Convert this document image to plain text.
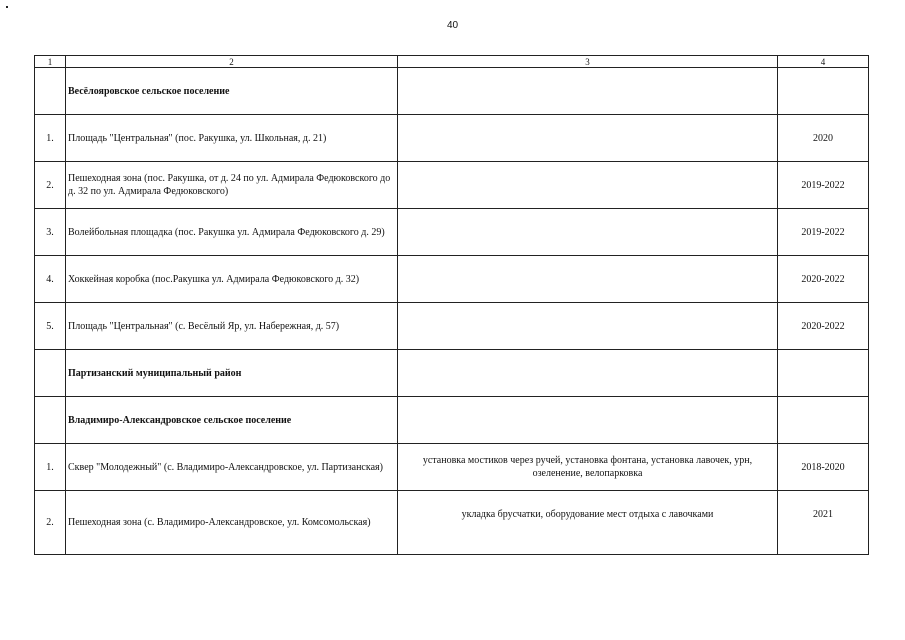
40
1	2	3	4
	Весёлояровское сельское поселение		
1.	Площадь "Центральная" (пос. Ракушка, ул. Школьная, д. 21)		2020
2.	Пешеходная зона (пос. Ракушка, от д. 24 по ул. Адмирала Федюковского до д. 32 по ул. Адмирала Федюковского)		2019-2022
3.	Волейбольная площадка (пос. Ракушка ул. Адмирала Федюковского д. 29)		2019-2022
4.	Хоккейная коробка (пос.Ракушка ул. Адмирала Федюковского д. 32)		2020-2022
5.	Площадь "Центральная" (с. Весёлый Яр, ул. Набережная, д. 57)		2020-2022
	Партизанский муниципальный район		
	Владимиро-Александровское сельское поселение		
1.	Сквер "Молодежный" (с. Владимиро-Александровское, ул. Партизанская)	установка мостиков через ручей, установка фонтана, установка лавочек, урн, озеленение, велопарковка	2018-2020
2.	Пешеходная зона (с. Владимиро-Александровское, ул. Комсомольская)	укладка брусчатки, оборудование мест отдыха с лавочками	2021
